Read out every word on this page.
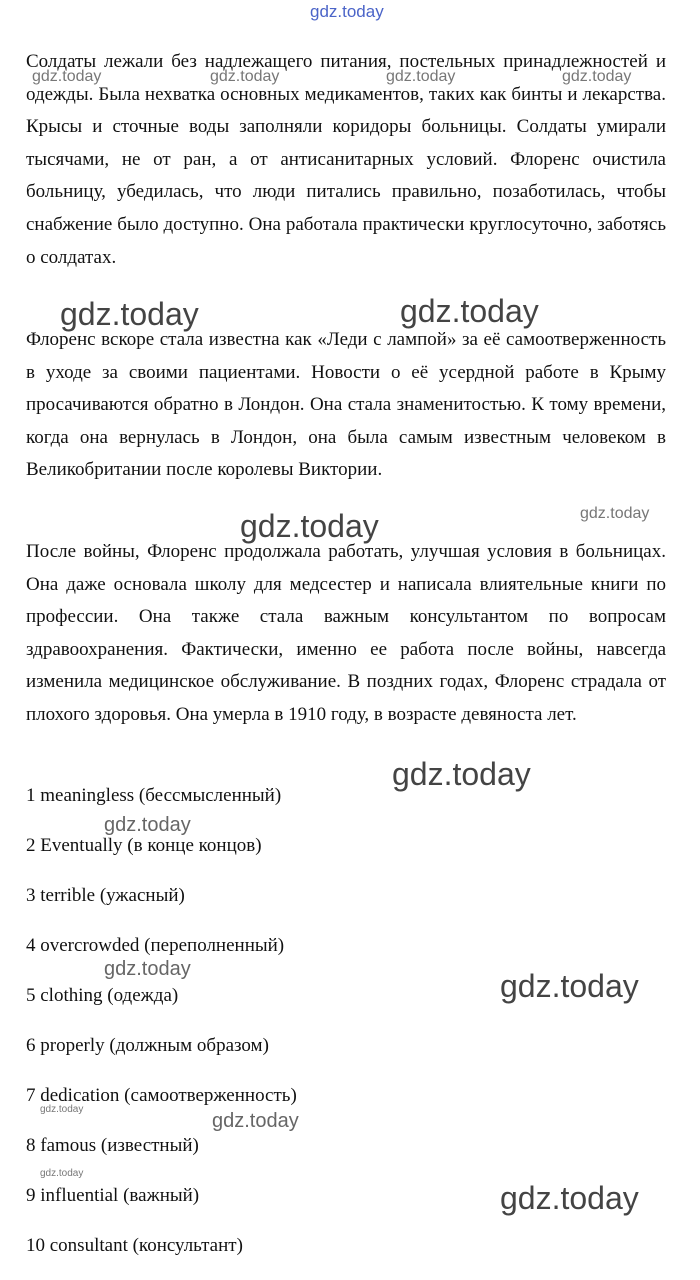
Солдаты лежали без надлежащего питания, постельных принадлежностей и одежды. Была нехватка основных медикаментов, таких как бинты и лекарства. Крысы и сточные воды заполняли коридоры больницы. Солдаты умирали тысячами, не от ран, а от антисанитарных условий. Флоренс очистила больницу, убедилась, что люди питались правильно, позаботилась, чтобы снабжение было доступно. Она работала практически круглосуточно, заботясь о солдатах.

Флоренс вскоре стала известна как «Леди с лампой» за её самоотверженность в уходе за своими пациентами. Новости о её усердной работе в Крыму просачиваются обратно в Лондон. Она стала знаменитостью. К тому времени, когда она вернулась в Лондон, она была самым известным человеком в Великобритании после королевы Виктории.

После войны, Флоренс продолжала работать, улучшая условия в больницах. Она даже основала школу для медсестер и написала влиятельные книги по профессии. Она также стала важным консультантом по вопросам здравоохранения. Фактически, именно ее работа после войны, навсегда изменила медицинское обслуживание. В поздних годах, Флоренс страдала от плохого здоровья. Она умерла в 1910 году, в возрасте девяноста лет.

1 meaningless (бессмысленный)
2 Eventually (в конце концов)
3 terrible (ужасный)
4 overcrowded (переполненный)
5 clothing (одежда)
6 properly (должным образом)
7 dedication (самоотверженность)
8 famous (известный)
9 influential (важный)
10 consultant (консультант)
gdz.today
gdz.today	gdz.today	gdz.today	gdz.today
gdz.today	gdz.today
gdz.today
gdz.today
gdz.today
gdz.today
gdz.today	gdz.today
gdz.today
gdz.today
gdz.today
gdz.today
